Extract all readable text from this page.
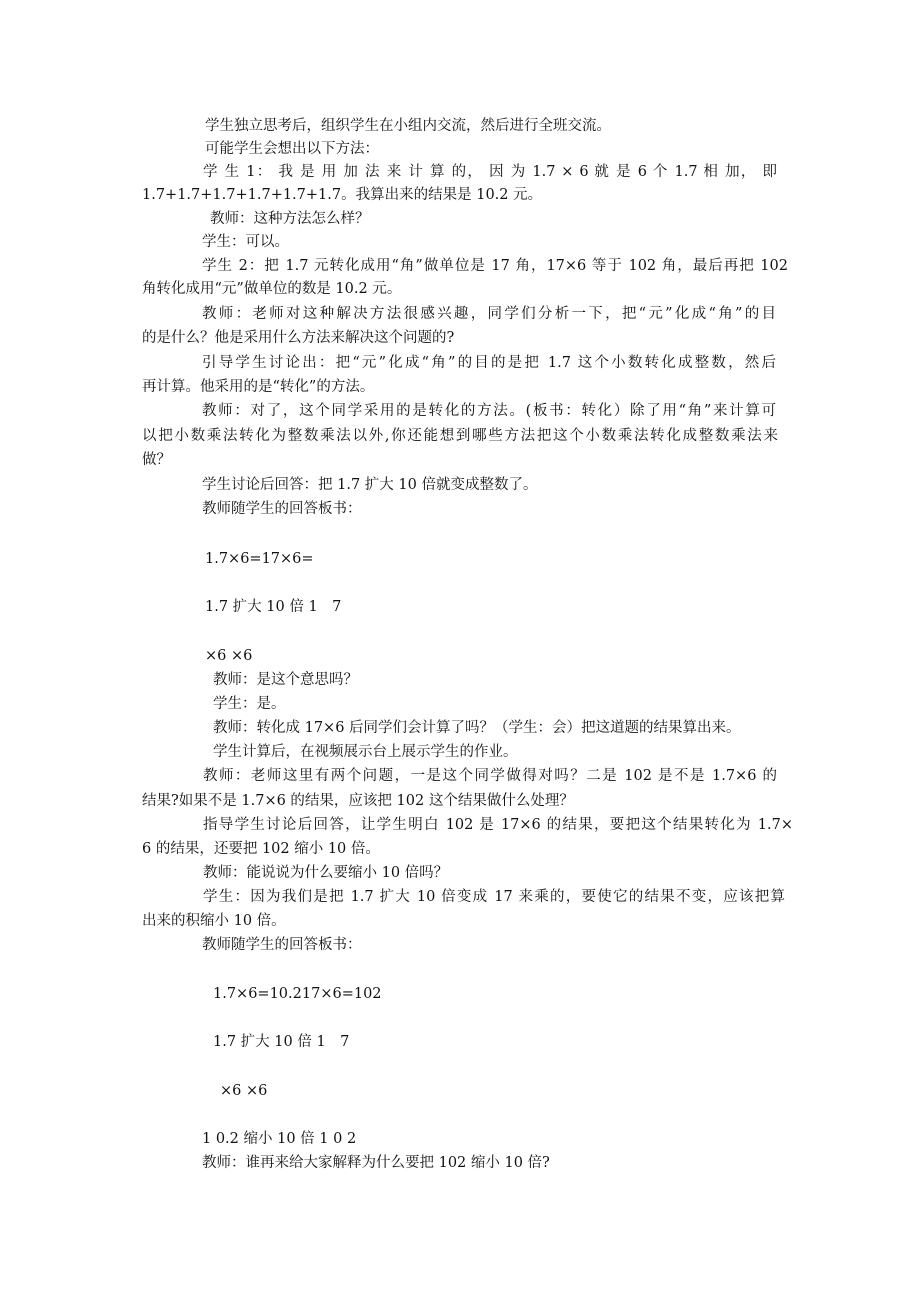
学生独立思考后，组织学生在小组内交流，然后进行全班交流。
可能学生会想出以下方法：
学 生 1： 我 是 用 加 法 来 计 算 的， 因 为 1.7 × 6 就 是 6 个 1.7 相 加， 即
1.7+1.7+1.7+1.7+1.7+1.7。我算出来的结果是 10.2 元。
教师：这种方法怎么样？
学生：可以。
学生 2：把 1.7 元转化成用“角”做单位是 17 角，17×6 等于 102 角，最后再把 102
角转化成用“元”做单位的数是 10.2 元。
教师：老师对这种解决方法很感兴趣，同学们分析一下，把“元”化成“角”的目
的是什么？他是采用什么方法来解决这个问题的?
引导学生讨论出：把“元”化成“角”的目的是把 1.7 这个小数转化成整数，然后
再计算。他采用的是“转化”的方法。
教师：对了，这个同学采用的是转化的方法。(板书：转化）除了用“角”来计算可
以把小数乘法转化为整数乘法以外,你还能想到哪些方法把这个小数乘法转化成整数乘法来
做？
学生讨论后回答：把 1.7 扩大 10 倍就变成整数了。
教师随学生的回答板书：
1.7×6=17×6=
1.7 扩大 10 倍 1　7
×6 ×6
教师：是这个意思吗？
学生：是。
教师：转化成 17×6 后同学们会计算了吗？（学生：会）把这道题的结果算出来。
学生计算后，在视频展示台上展示学生的作业。
教师：老师这里有两个问题，一是这个同学做得对吗？二是 102 是不是 1.7×6 的
结果?如果不是 1.7×6 的结果，应该把 102 这个结果做什么处理？
指导学生讨论后回答，让学生明白 102 是 17×6 的结果，要把这个结果转化为 1.7×
6 的结果，还要把 102 缩小 10 倍。
教师：能说说为什么要缩小 10 倍吗？
学生：因为我们是把 1.7 扩大 10 倍变成 17 来乘的，要使它的结果不变，应该把算
出来的积缩小 10 倍。
教师随学生的回答板书：
1.7×6=10.217×6=102
1.7 扩大 10 倍 1　7
×6 ×6
1 0.2 缩小 10 倍 1 0 2
教师：谁再来给大家解释为什么要把 102 缩小 10 倍?
